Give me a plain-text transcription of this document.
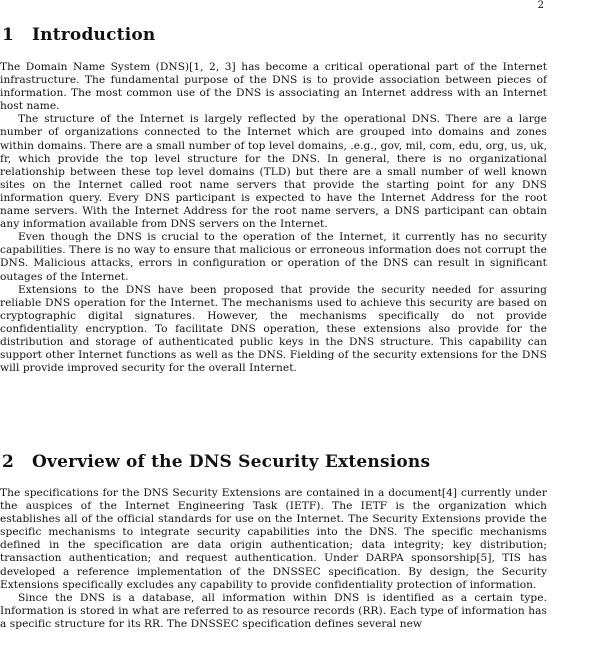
2
1 Introduction

The Domain Name System (DNS)[1, 2, 3] has become a critical operational part of the Internet infrastructure. The fundamental purpose of the DNS is to provide association between pieces of information. The most common use of the DNS is associating an Internet address with an Internet host name.

The structure of the Internet is largely reflected by the operational DNS. There are a large number of organizations connected to the Internet which are grouped into domains and zones within domains. There are a small number of top level domains, .e.g., gov, mil, com, edu, org, us, uk, fr, which provide the top level structure for the DNS. In general, there is no organizational relationship between these top level domains (TLD) but there are a small number of well known sites on the Internet called root name servers that provide the starting point for any DNS information query. Every DNS participant is expected to have the Internet Address for the root name servers. With the Internet Address for the root name servers, a DNS participant can obtain any information available from DNS servers on the Internet.

Even though the DNS is crucial to the operation of the Internet, it currently has no security capabilities. There is no way to ensure that malicious or erroneous information does not corrupt the DNS. Malicious attacks, errors in configuration or operation of the DNS can result in significant outages of the Internet.

Extensions to the DNS have been proposed that provide the security needed for assuring reliable DNS operation for the Internet. The mechanisms used to achieve this security are based on cryptographic digital signatures. However, the mechanisms specifically do not provide confidentiality encryption. To facilitate DNS operation, these extensions also provide for the distribution and storage of authenticated public keys in the DNS structure. This capability can support other Internet functions as well as the DNS. Fielding of the security extensions for the DNS will provide improved security for the overall Internet.

2 Overview of the DNS Security Extensions

The specifications for the DNS Security Extensions are contained in a document[4] currently under the auspices of the Internet Engineering Task (IETF). The IETF is the organization which establishes all of the official standards for use on the Internet. The Security Extensions provide the specific mechanisms to integrate security capabilities into the DNS. The specific mechanisms defined in the specification are data origin authentication; data integrity; key distribution; transaction authentication; and request authentication. Under DARPA sponsorship[5], TIS has developed a reference implementation of the DNSSEC specification. By design, the Security Extensions specifically excludes any capability to provide confidentiality protection of information.

Since the DNS is a database, all information within DNS is identified as a certain type. Information is stored in what are referred to as resource records (RR). Each type of information has a specific structure for its RR. The DNSSEC specification defines several new
